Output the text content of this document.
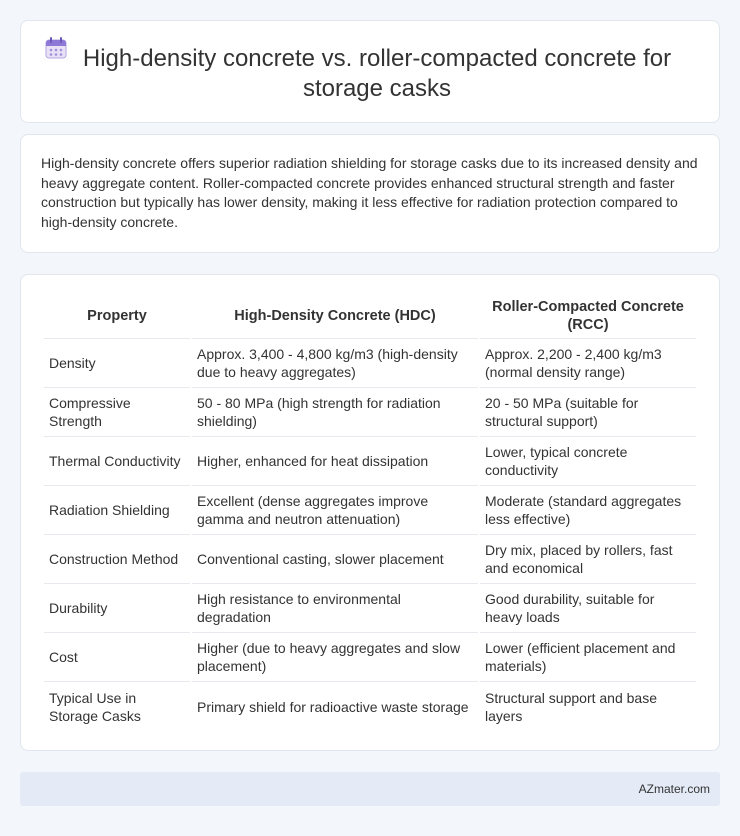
High-density concrete vs. roller-compacted concrete for storage casks

High-density concrete offers superior radiation shielding for storage casks due to its increased density and heavy aggregate content. Roller-compacted concrete provides enhanced structural strength and faster construction but typically has lower density, making it less effective for radiation protection compared to high-density concrete.

Property	High-Density Concrete (HDC)	Roller-Compacted Concrete (RCC)
Density	Approx. 3,400 - 4,800 kg/m3 (high-density due to heavy aggregates)	Approx. 2,200 - 2,400 kg/m3 (normal density range)
Compressive Strength	50 - 80 MPa (high strength for radiation shielding)	20 - 50 MPa (suitable for structural support)
Thermal Conductivity	Higher, enhanced for heat dissipation	Lower, typical concrete conductivity
Radiation Shielding	Excellent (dense aggregates improve gamma and neutron attenuation)	Moderate (standard aggregates less effective)
Construction Method	Conventional casting, slower placement	Dry mix, placed by rollers, fast and economical
Durability	High resistance to environmental degradation	Good durability, suitable for heavy loads
Cost	Higher (due to heavy aggregates and slow placement)	Lower (efficient placement and materials)
Typical Use in Storage Casks	Primary shield for radioactive waste storage	Structural support and base layers
AZmater.com
